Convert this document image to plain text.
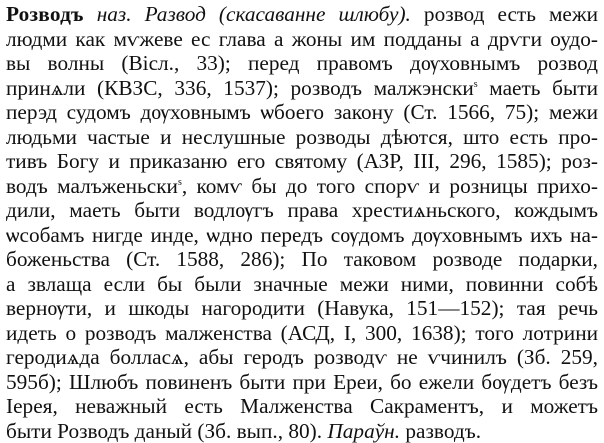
Розводъ наз. Развод (скасаванне шлюбу). розвод есть межи
людми как мѵжеве ес глава а жоны им подданы а дрѵги оудо-
вы волны (Вісл., 33); перед правомъ дѹховнымъ розвод
принѧли (КВЗС, 336, 1537); розводъ малжэнски$^s$ маеть быти
перэд судомъ дѹховнымъ ѡбоего закону (Ст. 1566, 75); межи
людьми частые и неслушные розводы дѣются, што есть про-
тивъ Богу и приказаню его святому (АЗР, III, 296, 1585); роз-
водъ малъженьски$^s$, комѵ бы до того спорѵ и розницы прихо-
дили, маеть быти водлѹгъ права хрестиѧньского, кождымъ
ѡсобамъ нигде инде, ѡдно передъ сѹдомъ дѹховнымъ ихъ на-
боженьства (Ст. 1588, 286); По таковом розводе подарки,
а звлаща если бы были значные межи ними, повинни собѣ
вернѹти, и шкоды нагородити (Навука, 151—152); тая речь
идеть о розводъ малженства (АСД, I, 300, 1638); того лотрини
геродиѧда болласѧ, абы геродъ розводѵ не ѵчинилъ (Зб. 259,
595б); Шлюбъ повиненъ быти при Ереи, бо ежели бѹдетъ безъ
Іерея, неважный есть Малженства Сакраментъ, и можетъ
быти Розводъ даный (Зб. вып., 80). Параўн. разводъ.
